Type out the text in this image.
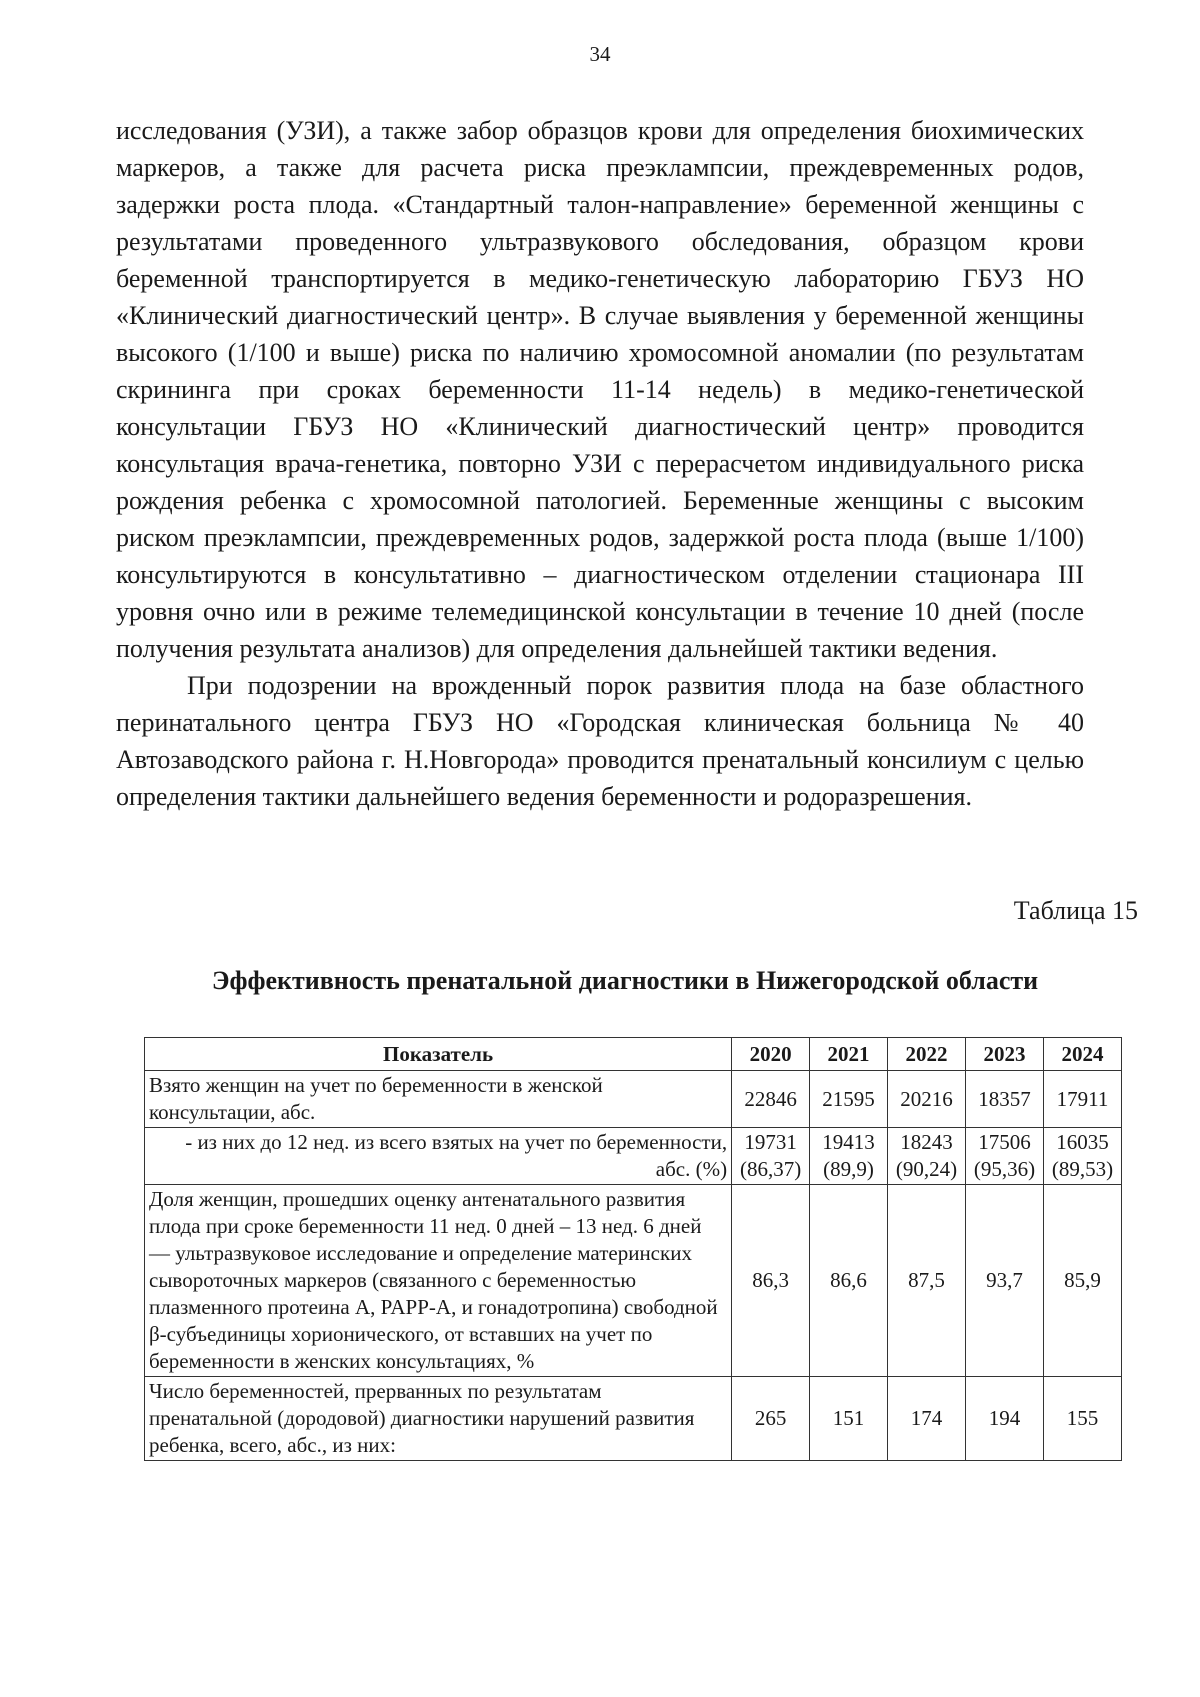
34

исследования (УЗИ), а также забор образцов крови для определения биохимических маркеров, а также для расчета риска преэклампсии, преждевременных родов, задержки роста плода. «Стандартный талон-направление» беременной женщины с результатами проведенного ультразвукового обследования, образцом крови беременной транспортируется в медико-генетическую лабораторию ГБУЗ НО «Клинический диагностический центр». В случае выявления у беременной женщины высокого (1/100 и выше) риска по наличию хромосомной аномалии (по результатам скрининга при сроках беременности 11-14 недель) в медико-генетической консультации ГБУЗ НО «Клинический диагностический центр» проводится консультация врача-генетика, повторно УЗИ с перерасчетом индивидуального риска рождения ребенка с хромосомной патологией. Беременные женщины с высоким риском преэклампсии, преждевременных родов, задержкой роста плода (выше 1/100) консультируются в консультативно – диагностическом отделении стационара III уровня очно или в режиме телемедицинской консультации в течение 10 дней (после получения результата анализов) для определения дальнейшей тактики ведения.

При подозрении на врожденный порок развития плода на базе областного перинатального центра ГБУЗ НО «Городская клиническая больница № 40 Автозаводского района г. Н.Новгорода» проводится пренатальный консилиум с целью определения тактики дальнейшего ведения беременности и родоразрешения.

Таблица 15
Эффективность пренатальной диагностики в Нижегородской области
Показатель	2020	2021	2022	2023	2024
Взято женщин на учет по беременности в женской консультации, абс.	22846	21595	20216	18357	17911
- из них до 12 нед. из всего взятых на учет по беременности, абс. (%)	19731 (86,37)	19413 (89,9)	18243 (90,24)	17506 (95,36)	16035 (89,53)
Доля женщин, прошедших оценку антенатального развития плода при сроке беременности 11 нед. 0 дней – 13 нед. 6 дней — ультразвуковое исследование и определение материнских сывороточных маркеров (связанного с беременностью плазменного протеина А, PAPP-A, и гонадотропина) свободной β-субъединицы хорионического, от вставших на учет по беременности в женских консультациях, %	86,3	86,6	87,5	93,7	85,9
Число беременностей, прерванных по результатам пренатальной (дородовой) диагностики нарушений развития ребенка, всего, абс., из них:	265	151	174	194	155
